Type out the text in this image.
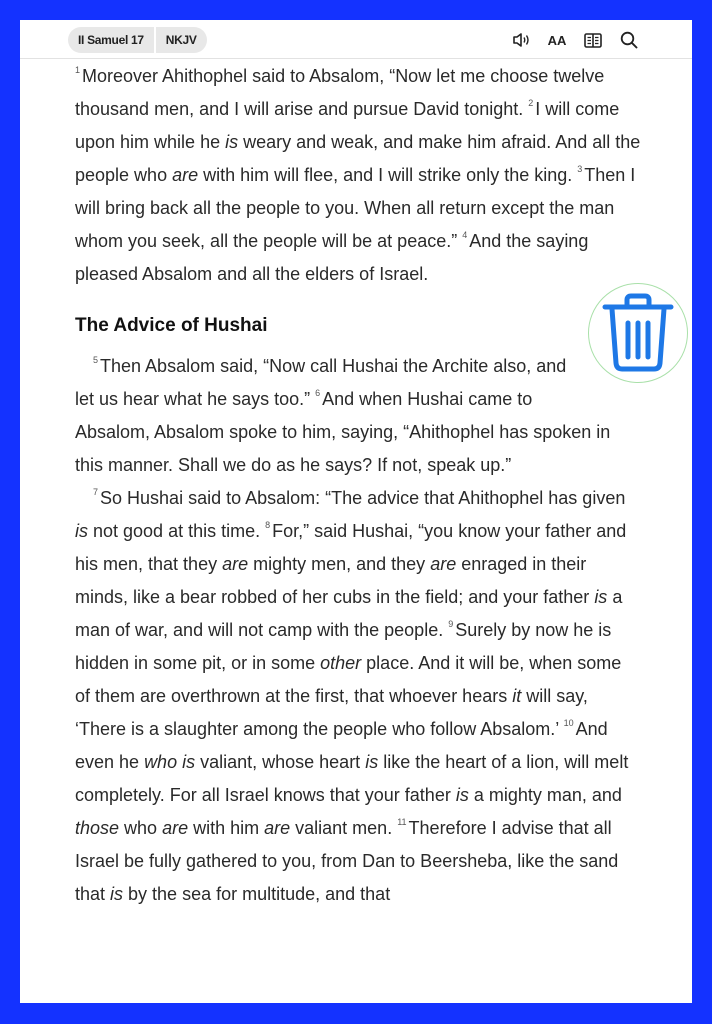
II Samuel 17	NKJV	AA

$^1$ Moreover Ahithophel said to Absalom, “Now let me choose twelve thousand men, and I will arise and pursue David tonight. $^2$ I will come upon him while he is weary and weak, and make him afraid. And all the people who are with him will flee, and I will strike only the king. $^3$ Then I will bring back all the people to you. When all return except the man whom you seek, all the people will be at peace.” $^4$ And the saying pleased Absalom and all the elders of Israel.

The Advice of Hushai

$^5$ Then Absalom said, “Now call Hushai the Archite also, and let us hear what he says too.” $^6$ And when Hushai came to Absalom, Absalom spoke to him, saying, “Ahithophel has spoken in this manner. Shall we do as he says? If not, speak up.”

$^7$ So Hushai said to Absalom: “The advice that Ahithophel has given is not good at this time. $^8$ For,” said Hushai, “you know your father and his men, that they are mighty men, and they are enraged in their minds, like a bear robbed of her cubs in the field; and your father is a man of war, and will not camp with the people. $^9$ Surely by now he is hidden in some pit, or in some other place. And it will be, when some of them are overthrown at the first, that whoever hears it will say, ‘There is a slaughter among the people who follow Absalom.’ $^{10}$ And even he who is valiant, whose heart is like the heart of a lion, will melt completely. For all Israel knows that your father is a mighty man, and those who are with him are valiant men. $^{11}$ Therefore I advise that all Israel be fully gathered to you, from Dan to Beersheba, like the sand that is by the sea for multitude, and that
